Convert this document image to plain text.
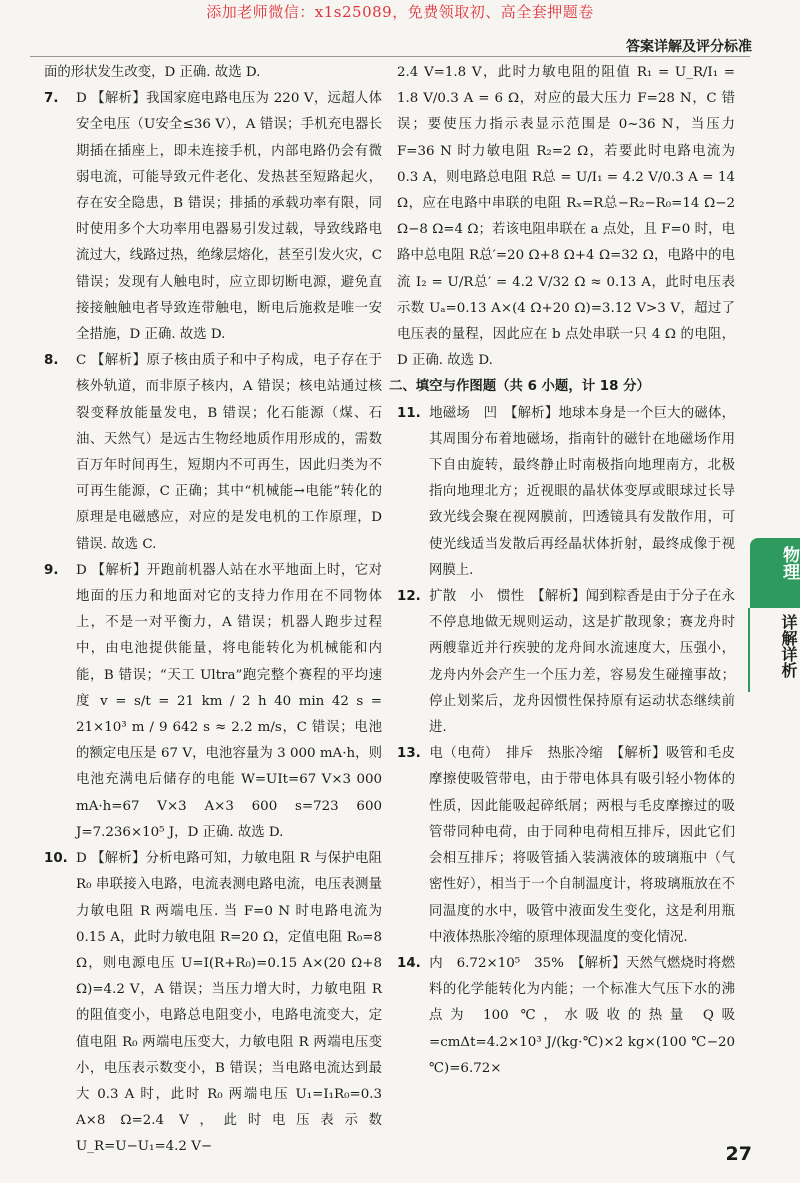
添加老师微信：x1s25089，免费领取初、高全套押题卷
答案详解及评分标准

面的形状发生改变，D 正确. 故选 D.

7. D 【解析】我国家庭电路电压为 220 V，远超人体安全电压（U安全≤36 V），A 错误；手机充电器长期插在插座上，即未连接手机，内部电路仍会有微弱电流，可能导致元件老化、发热甚至短路起火，存在安全隐患，B 错误；排插的承载功率有限，同时使用多个大功率用电器易引发过载，导致线路电流过大，线路过热，绝缘层熔化，甚至引发火灾，C 错误；发现有人触电时，应立即切断电源，避免直接接触触电者导致连带触电，断电后施救是唯一安全措施，D 正确. 故选 D.

8. C 【解析】原子核由质子和中子构成，电子存在于核外轨道，而非原子核内，A 错误；核电站通过核裂变释放能量发电，B 错误；化石能源（煤、石油、天然气）是远古生物经地质作用形成的，需数百万年时间再生，短期内不可再生，因此归类为不可再生能源，C 正确；其中“机械能→电能”转化的原理是电磁感应，对应的是发电机的工作原理，D 错误. 故选 C.

9. D 【解析】开跑前机器人站在水平地面上时，它对地面的压力和地面对它的支持力作用在不同物体上，不是一对平衡力，A 错误；机器人跑步过程中，由电池提供能量，将电能转化为机械能和内能，B 错误；“天工 Ultra”跑完整个赛程的平均速度 v = s/t = 21 km / 2 h 40 min 42 s = 21×10³ m / 9 642 s ≈ 2.2 m/s，C 错误；电池的额定电压是 67 V，电池容量为 3 000 mA·h，则电池充满电后储存的电能 W=UIt=67 V×3 000 mA·h=67 V×3 A×3 600 s=723 600 J=7.236×10⁵ J，D 正确. 故选 D.

10. D 【解析】分析电路可知，力敏电阻 R 与保护电阻 R₀ 串联接入电路，电流表测电路电流，电压表测量力敏电阻 R 两端电压. 当 F=0 N 时电路电流为 0.15 A，此时力敏电阻 R=20 Ω，定值电阻 R₀=8 Ω，则电源电压 U=I(R+R₀)=0.15 A×(20 Ω+8 Ω)=4.2 V，A 错误；当压力增大时，力敏电阻 R 的阻值变小，电路总电阻变小，电路电流变大，定值电阻 R₀ 两端电压变大，力敏电阻 R 两端电压变小，电压表示数变小，B 错误；当电路电流达到最大 0.3 A 时，此时 R₀ 两端电压 U₁=I₁R₀=0.3 A×8 Ω=2.4 V，此时电压表示数 U_R=U−U₁=4.2 V−

2.4 V=1.8 V，此时力敏电阻的阻值 R₁ = U_R/I₁ = 1.8 V/0.3 A = 6 Ω，对应的最大压力 F=28 N，C 错误；要使压力指示表显示范围是 0~36 N，当压力 F=36 N 时力敏电阻 R₂=2 Ω，若要此时电路电流为 0.3 A，则电路总电阻 R总 = U/I₁ = 4.2 V/0.3 A = 14 Ω，应在电路中串联的电阻 Rₓ=R总−R₂−R₀=14 Ω−2 Ω−8 Ω=4 Ω；若该电阻串联在 a 点处，且 F=0 时，电路中总电阻 R总′=20 Ω+8 Ω+4 Ω=32 Ω，电路中的电流 I₂ = U/R总′ = 4.2 V/32 Ω ≈ 0.13 A，此时电压表示数 Uₐ=0.13 A×(4 Ω+20 Ω)=3.12 V>3 V，超过了电压表的量程，因此应在 b 点处串联一只 4 Ω 的电阻，D 正确. 故选 D.

二、填空与作图题（共 6 小题，计 18 分）

11. 地磁场　凹　【解析】地球本身是一个巨大的磁体，其周围分布着地磁场，指南针的磁针在地磁场作用下自由旋转，最终静止时南极指向地理南方，北极指向地理北方；近视眼的晶状体变厚或眼球过长导致光线会聚在视网膜前，凹透镜具有发散作用，可使光线适当发散后再经晶状体折射，最终成像于视网膜上.

12. 扩散　小　惯性　【解析】闻到粽香是由于分子在永不停息地做无规则运动，这是扩散现象；赛龙舟时两艘靠近并行疾驶的龙舟间水流速度大，压强小，龙舟内外会产生一个压力差，容易发生碰撞事故；停止划桨后，龙舟因惯性保持原有运动状态继续前进.

13. 电（电荷）　排斥　热胀冷缩　【解析】吸管和毛皮摩擦使吸管带电，由于带电体具有吸引轻小物体的性质，因此能吸起碎纸屑；两根与毛皮摩擦过的吸管带同种电荷，由于同种电荷相互排斥，因此它们会相互排斥；将吸管插入装满液体的玻璃瓶中（气密性好），相当于一个自制温度计，将玻璃瓶放在不同温度的水中，吸管中液面发生变化，这是利用瓶中液体热胀冷缩的原理体现温度的变化情况.

14. 内　6.72×10⁵　35%　【解析】天然气燃烧时将燃料的化学能转化为内能；一个标准大气压下水的沸点为 100 ℃，水吸收的热量 Q吸=cmΔt=4.2×10³ J/(kg·℃)×2 kg×(100 ℃−20 ℃)=6.72×

物理
详解详析
27
